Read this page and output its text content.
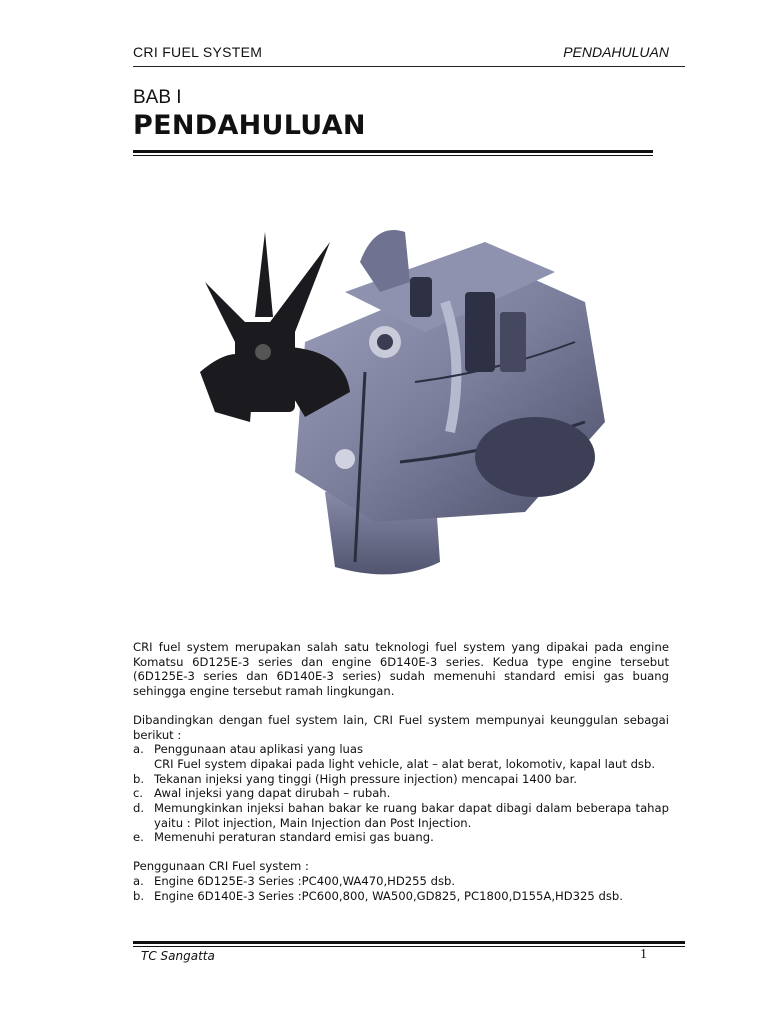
CRI FUEL SYSTEM	PENDAHULUAN
BAB I
PENDAHULUAN

CRI fuel system merupakan salah satu teknologi fuel system yang dipakai pada engine Komatsu 6D125E-3 series dan engine 6D140E-3 series. Kedua type engine tersebut (6D125E-3 series dan 6D140E-3 series) sudah memenuhi standard emisi gas buang sehingga engine tersebut ramah lingkungan.

Dibandingkan dengan fuel system lain, CRI Fuel system mempunyai keunggulan sebagai berikut :

a. Penggunaan atau aplikasi yang luas
CRI Fuel system dipakai pada light vehicle, alat – alat berat, lokomotiv, kapal laut dsb.
b. Tekanan injeksi yang tinggi (High pressure injection) mencapai 1400 bar.
c. Awal injeksi yang dapat dirubah – rubah.
d. Memungkinkan injeksi bahan bakar ke ruang bakar dapat dibagi dalam beberapa tahap yaitu : Pilot injection, Main Injection dan Post Injection.
e. Memenuhi peraturan standard emisi gas buang.

Penggunaan CRI Fuel system :

a. Engine 6D125E-3 Series :PC400,WA470,HD255 dsb.
b. Engine 6D140E-3 Series :PC600,800, WA500,GD825, PC1800,D155A,HD325 dsb.
TC Sangatta	1
